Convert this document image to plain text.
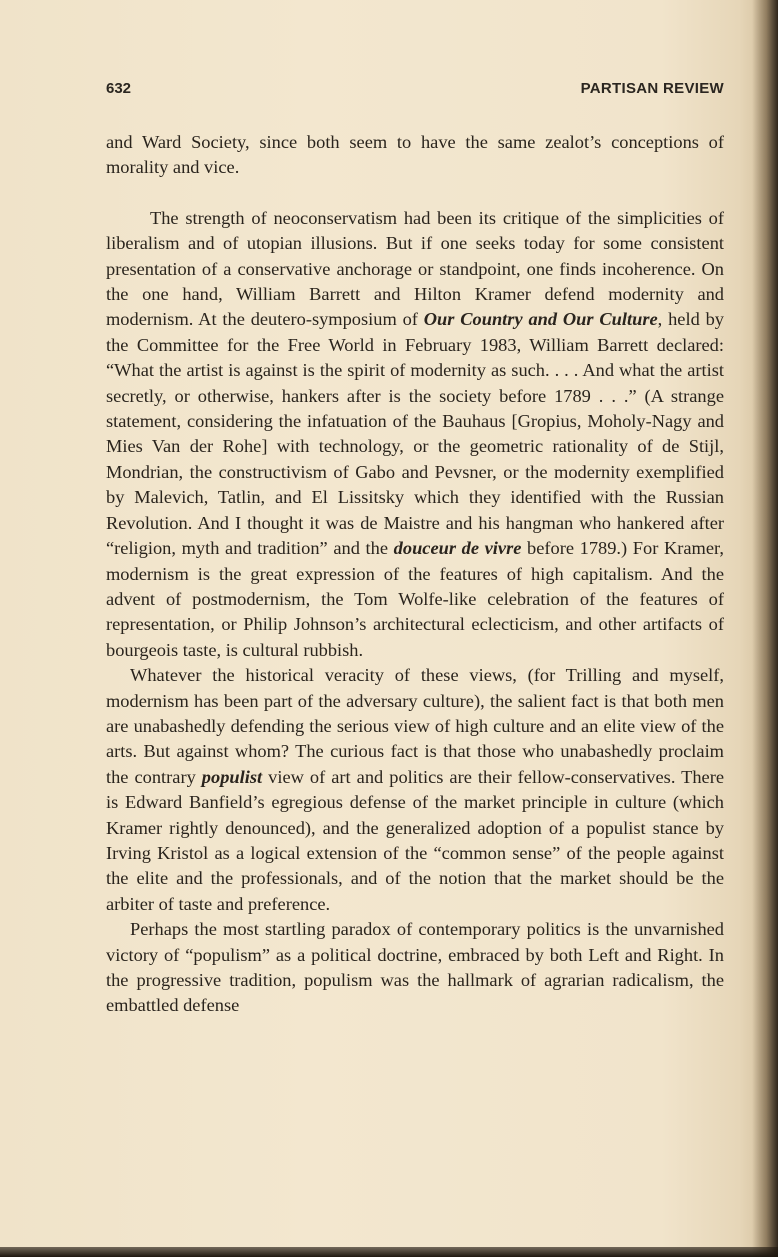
632	PARTISAN REVIEW

and Ward Society, since both seem to have the same zealot’s conceptions of morality and vice.

The strength of neoconservatism had been its critique of the simplicities of liberalism and of utopian illusions. But if one seeks today for some consistent presentation of a conservative anchorage or standpoint, one finds incoherence. On the one hand, William Barrett and Hilton Kramer defend modernity and modernism. At the deutero-symposium of Our Country and Our Culture, held by the Committee for the Free World in February 1983, William Barrett declared: “What the artist is against is the spirit of modernity as such. . . . And what the artist secretly, or otherwise, hankers after is the society before 1789 . . .” (A strange statement, considering the infatuation of the Bauhaus [Gropius, Moholy-Nagy and Mies Van der Rohe] with technology, or the geometric rationality of de Stijl, Mondrian, the constructivism of Gabo and Pevsner, or the modernity exemplified by Malevich, Tatlin, and El Lissitsky which they identified with the Russian Revolution. And I thought it was de Maistre and his hangman who hankered after “religion, myth and tradition” and the douceur de vivre before 1789.) For Kramer, modernism is the great expression of the features of high capitalism. And the advent of postmodernism, the Tom Wolfe-like celebration of the features of representation, or Philip Johnson’s architectural eclecticism, and other artifacts of bourgeois taste, is cultural rubbish.

Whatever the historical veracity of these views, (for Trilling and myself, modernism has been part of the adversary culture), the salient fact is that both men are unabashedly defending the serious view of high culture and an elite view of the arts. But against whom? The curious fact is that those who unabashedly proclaim the contrary populist view of art and politics are their fellow-conservatives. There is Edward Banfield’s egregious defense of the market principle in culture (which Kramer rightly denounced), and the generalized adoption of a populist stance by Irving Kristol as a logical extension of the “common sense” of the people against the elite and the professionals, and of the notion that the market should be the arbiter of taste and preference.

Perhaps the most startling paradox of contemporary politics is the unvarnished victory of “populism” as a political doctrine, embraced by both Left and Right. In the progressive tradition, populism was the hallmark of agrarian radicalism, the embattled defense
